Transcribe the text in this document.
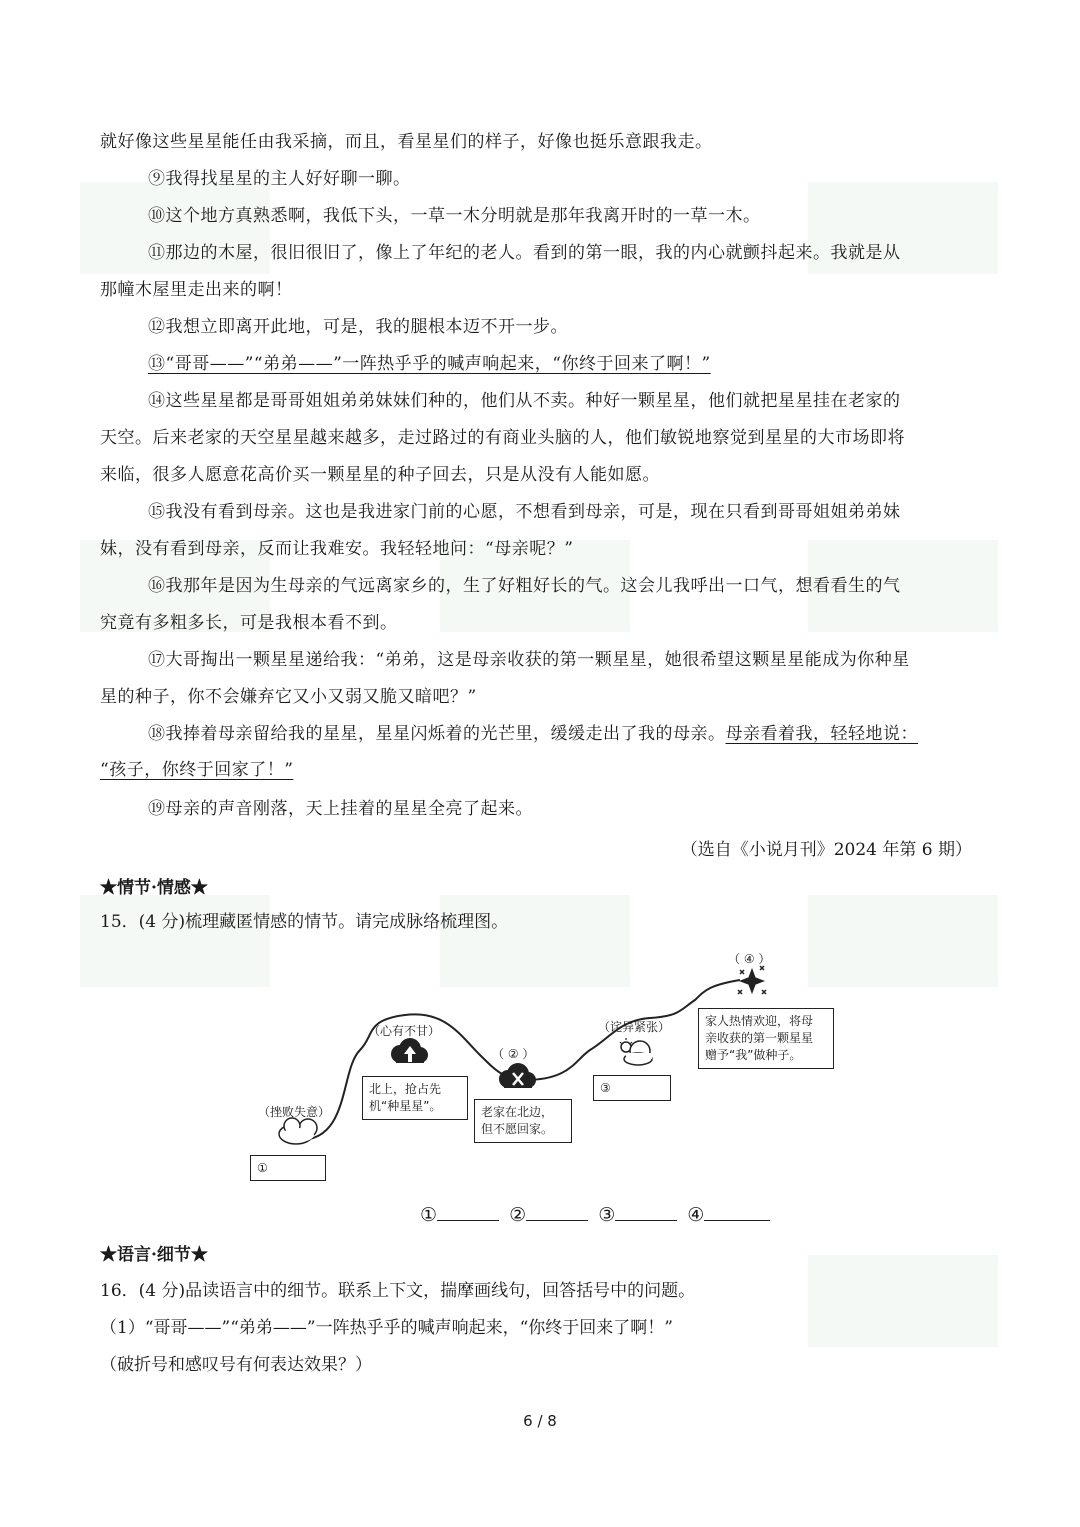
就好像这些星星能任由我采摘，而且，看星星们的样子，好像也挺乐意跟我走。
⑨我得找星星的主人好好聊一聊。
⑩这个地方真熟悉啊，我低下头，一草一木分明就是那年我离开时的一草一木。
⑪那边的木屋，很旧很旧了，像上了年纪的老人。看到的第一眼，我的内心就颤抖起来。我就是从
那幢木屋里走出来的啊！
⑫我想立即离开此地，可是，我的腿根本迈不开一步。
⑬“哥哥——”“弟弟——”一阵热乎乎的喊声响起来，“你终于回来了啊！”
⑭这些星星都是哥哥姐姐弟弟妹妹们种的，他们从不卖。种好一颗星星，他们就把星星挂在老家的
天空。后来老家的天空星星越来越多，走过路过的有商业头脑的人，他们敏锐地察觉到星星的大市场即将
来临，很多人愿意花高价买一颗星星的种子回去，只是从没有人能如愿。
⑮我没有看到母亲。这也是我进家门前的心愿，不想看到母亲，可是，现在只看到哥哥姐姐弟弟妹
妹，没有看到母亲，反而让我难安。我轻轻地问：“母亲呢？”
⑯我那年是因为生母亲的气远离家乡的，生了好粗好长的气。这会儿我呼出一口气，想看看生的气
究竟有多粗多长，可是我根本看不到。
⑰大哥掏出一颗星星递给我：“弟弟，这是母亲收获的第一颗星星，她很希望这颗星星能成为你种星
星的种子，你不会嫌弃它又小又弱又脆又暗吧？”
⑱我捧着母亲留给我的星星，星星闪烁着的光芒里，缓缓走出了我的母亲。母亲看着我，轻轻地说：
“孩子，你终于回家了！”
⑲母亲的声音刚落，天上挂着的星星全亮了起来。
（选自《小说月刊》2024 年第 6 期）
★情节·情感★
15．(4 分)梳理藏匿情感的情节。请完成脉络梳理图。
（挫败失意）
（心有不甘）
（ ② ）
（诧异紧张）
（ ④ ）
①
北上，抢占先
机“种星星”。	老家在北边，
但不愿回家。
③
家人热情欢迎，将母
亲收获的第一颗星星
赠予“我”做种子。
①	②	③	④
★语言·细节★
16．(4 分)品读语言中的细节。联系上下文，揣摩画线句，回答括号中的问题。
（1）“哥哥——”“弟弟——”一阵热乎乎的喊声响起来，“你终于回来了啊！”
（破折号和感叹号有何表达效果？）
6 / 8
